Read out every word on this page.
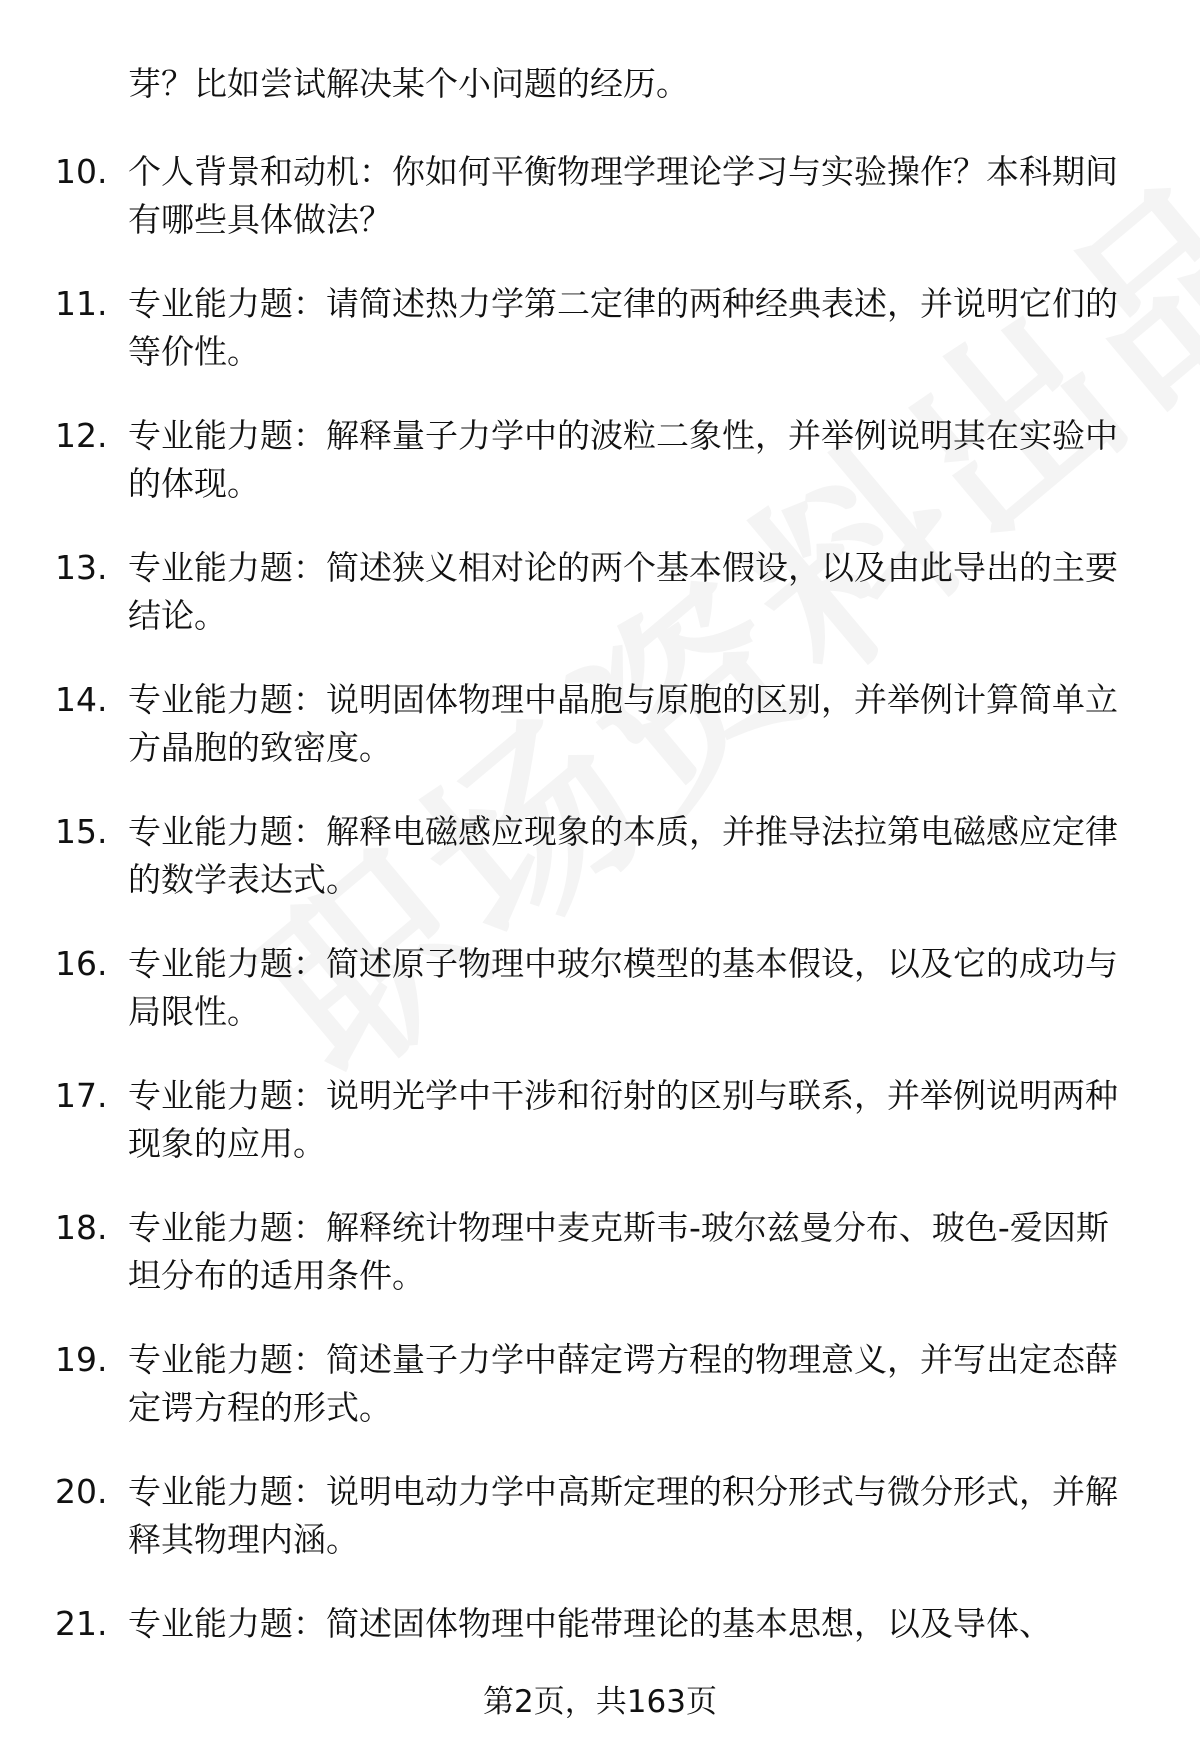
芽？比如尝试解决某个小问题的经历。
10. 个人背景和动机：你如何平衡物理学理论学习与实验操作？本科期间有哪些具体做法？
11. 专业能力题：请简述热力学第二定律的两种经典表述，并说明它们的等价性。
12. 专业能力题：解释量子力学中的波粒二象性，并举例说明其在实验中的体现。
13. 专业能力题：简述狭义相对论的两个基本假设，以及由此导出的主要结论。
14. 专业能力题：说明固体物理中晶胞与原胞的区别，并举例计算简单立方晶胞的致密度。
15. 专业能力题：解释电磁感应现象的本质，并推导法拉第电磁感应定律的数学表达式。
16. 专业能力题：简述原子物理中玻尔模型的基本假设，以及它的成功与局限性。
17. 专业能力题：说明光学中干涉和衍射的区别与联系，并举例说明两种现象的应用。
18. 专业能力题：解释统计物理中麦克斯韦-玻尔兹曼分布、玻色-爱因斯坦分布的适用条件。
19. 专业能力题：简述量子力学中薛定谔方程的物理意义，并写出定态薛定谔方程的形式。
20. 专业能力题：说明电动力学中高斯定理的积分形式与微分形式，并解释其物理内涵。
21. 专业能力题：简述固体物理中能带理论的基本思想，以及导体、
第2页，共163页
